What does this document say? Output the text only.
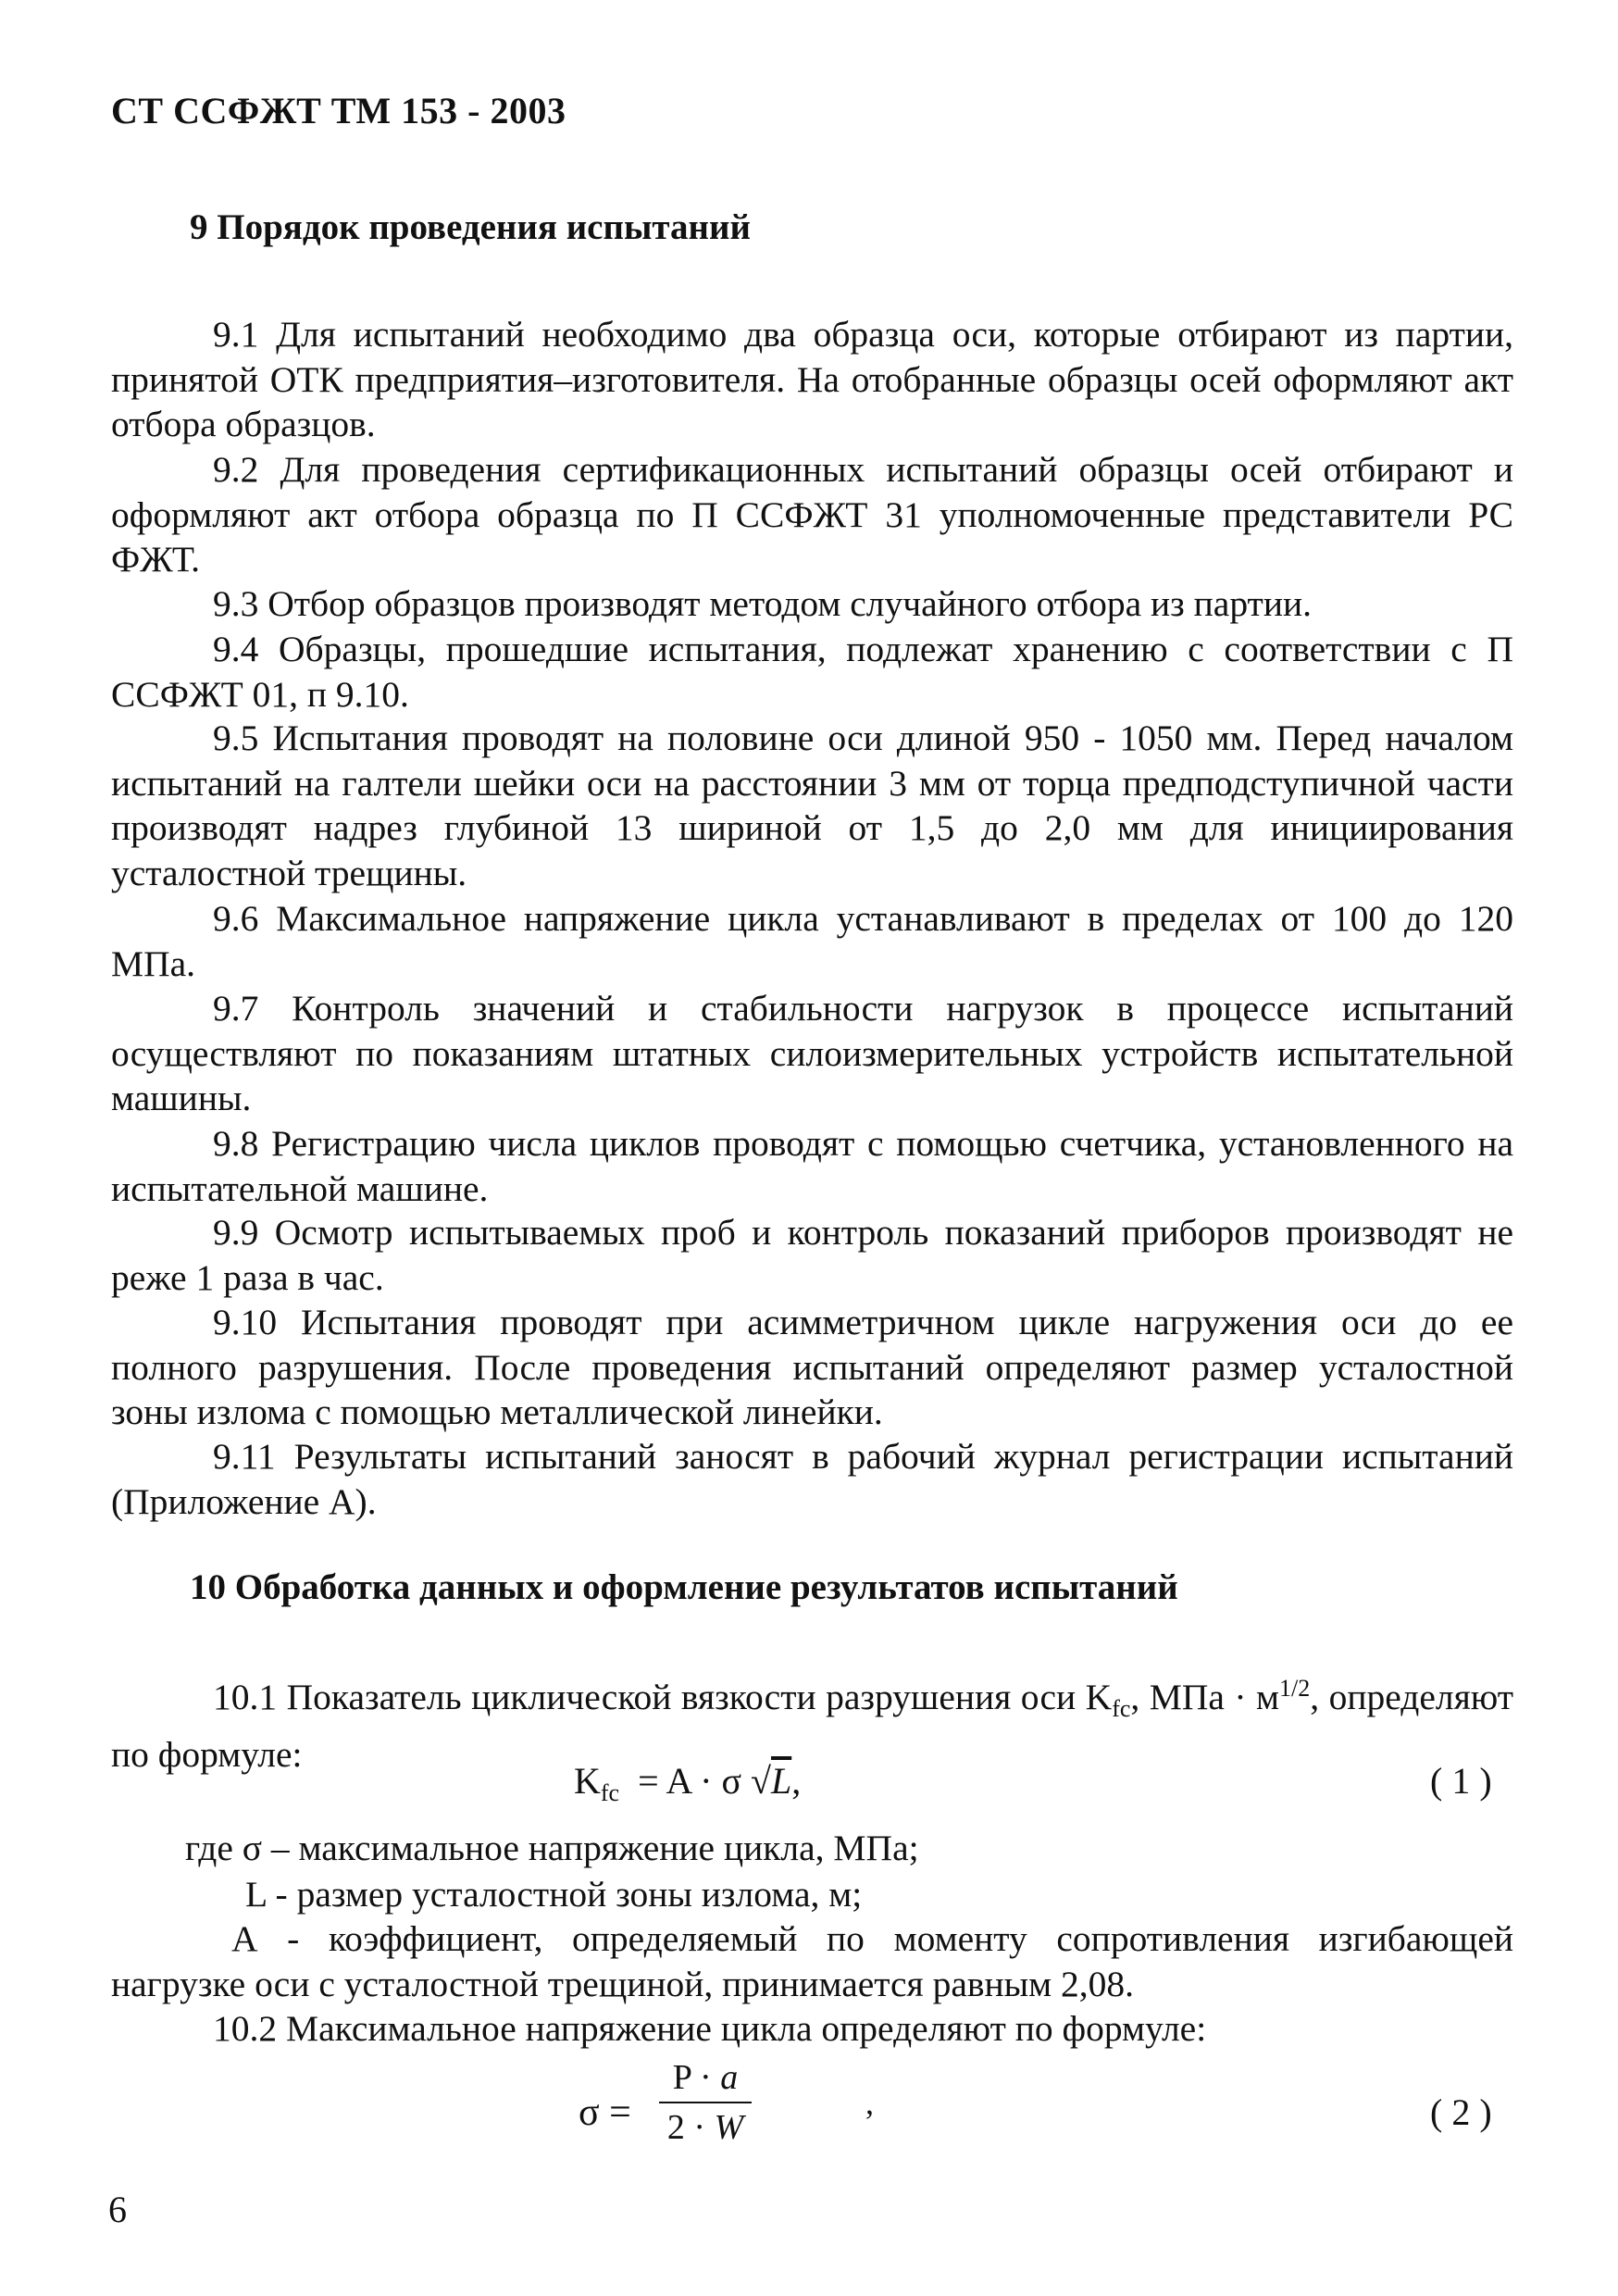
СТ ССФЖТ ТМ 153 - 2003
9 Порядок проведения испытаний

9.1 Для испытаний необходимо два образца оси, которые отбирают из партии, принятой ОТК предприятия–изготовителя. На отобранные образцы осей оформляют акт отбора образцов.

9.2 Для проведения сертификационных испытаний образцы осей отбирают и оформляют акт отбора образца по П ССФЖТ 31 уполномоченные представители РС ФЖТ.

9.3 Отбор образцов производят методом случайного отбора из партии.

9.4 Образцы, прошедшие испытания, подлежат хранению с соответствии с П ССФЖТ 01, п 9.10.

9.5 Испытания проводят на половине оси длиной 950 - 1050 мм. Перед началом испытаний на галтели шейки оси на расстоянии 3 мм от торца предподступичной части производят надрез глубиной 13 шириной от 1,5 до 2,0 мм для инициирования усталостной трещины.

9.6 Максимальное напряжение цикла устанавливают в пределах от 100 до 120 МПа.

9.7 Контроль значений и стабильности нагрузок в процессе испытаний осуществляют по показаниям штатных силоизмерительных устройств испытательной машины.

9.8 Регистрацию числа циклов проводят с помощью счетчика, установленного на испытательной машине.

9.9 Осмотр испытываемых проб и контроль показаний приборов производят не реже 1 раза в час.

9.10 Испытания проводят при асимметричном цикле нагружения оси до ее полного разрушения. После проведения испытаний определяют размер усталостной зоны излома с помощью металлической линейки.

9.11 Результаты испытаний заносят в рабочий журнал регистрации испытаний (Приложение А).

10 Обработка данных и оформление результатов испытаний

10.1 Показатель циклической вязкости разрушения оси $K_{fc}$, МПа · $м^{1/2}$, определяют по формуле:

$K_{fc} = A \cdot \sigma$ √L,	( 1 )
где σ – максимальное напряжение цикла, МПа;
L - размер усталостной зоны излома, м;
А - коэффициент, определяемый по моменту сопротивления изгибающей нагрузке оси с усталостной трещиной, принимается равным 2,08.

10.2 Максимальное напряжение цикла определяют по формуле:

$\sigma = \frac{P \cdot a}{2 \cdot W}$	,	( 2 )
6
